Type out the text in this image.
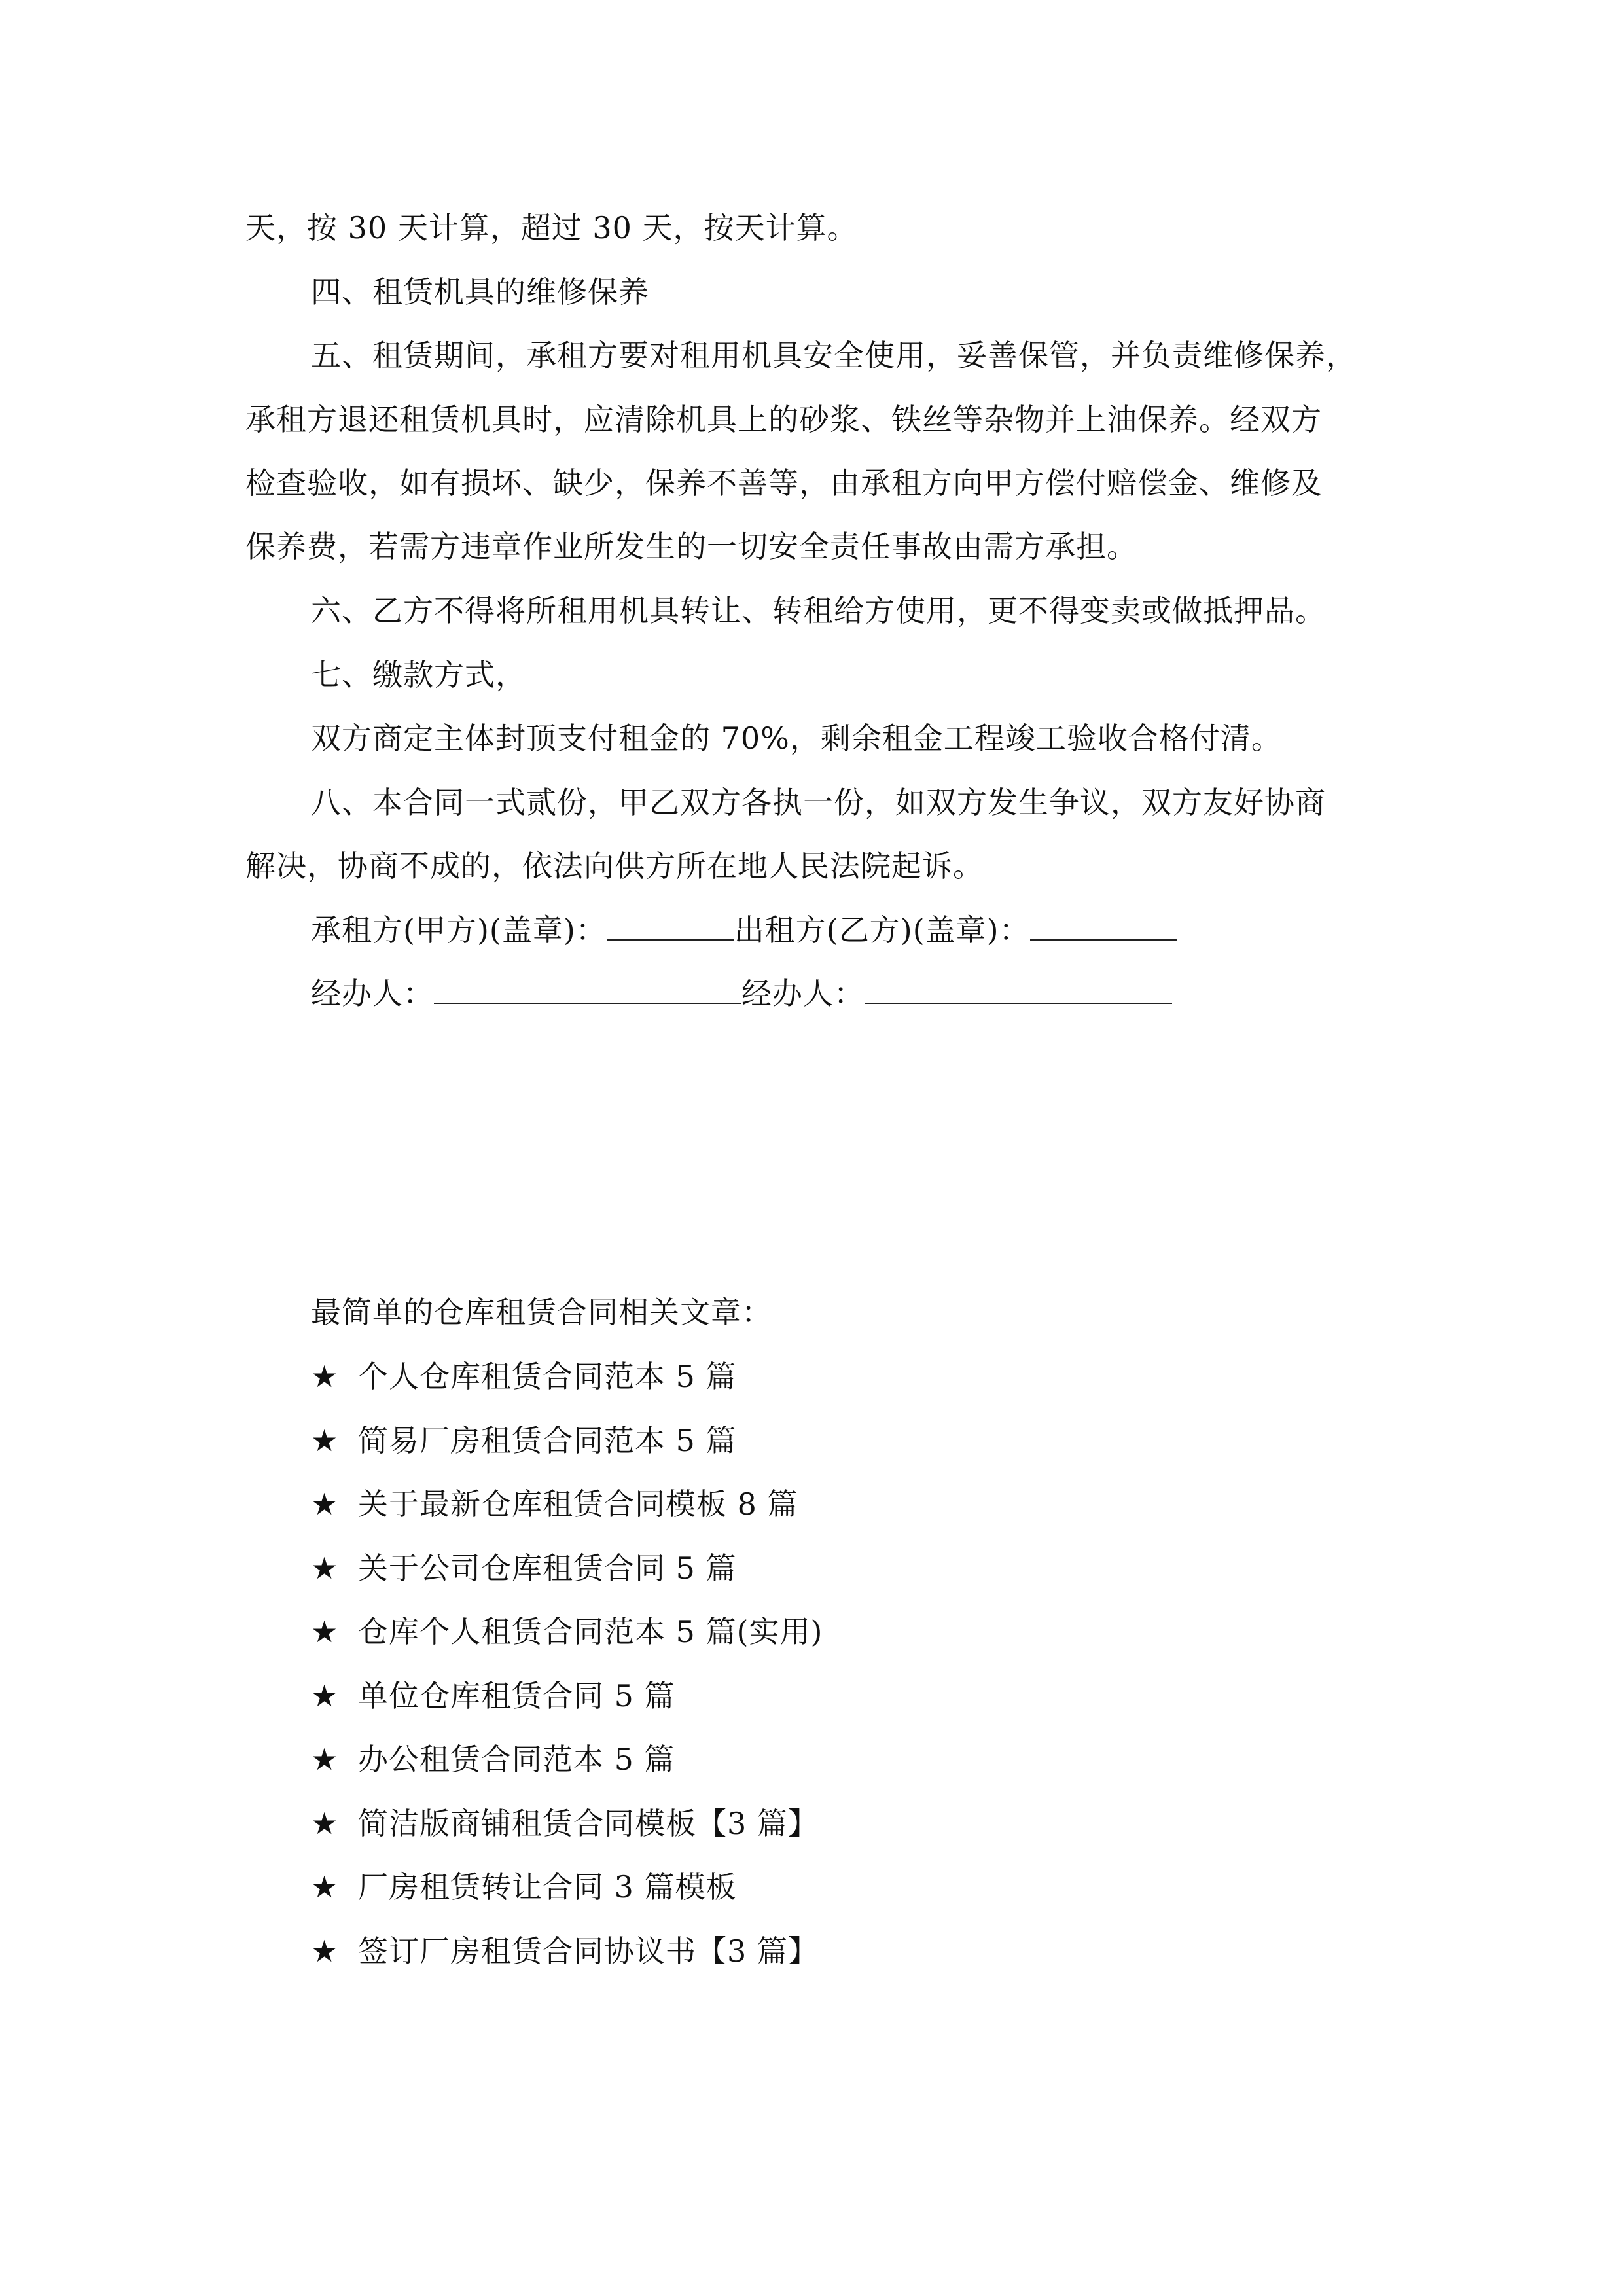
天，按 30 天计算，超过 30 天，按天计算。
四、租赁机具的维修保养
五、租赁期间，承租方要对租用机具安全使用，妥善保管，并负责维修保养，
承租方退还租赁机具时，应清除机具上的砂浆、铁丝等杂物并上油保养。经双方
检查验收，如有损坏、缺少，保养不善等，由承租方向甲方偿付赔偿金、维修及
保养费，若需方违章作业所发生的一切安全责任事故由需方承担。
六、乙方不得将所租用机具转让、转租给方使用，更不得变卖或做抵押品。
七、缴款方式，
双方商定主体封顶支付租金的 70%，剩余租金工程竣工验收合格付清。
八、本合同一式贰份，甲乙双方各执一份，如双方发生争议，双方友好协商
解决，协商不成的，依法向供方所在地人民法院起诉。
承租方(甲方)(盖章)：	出租方(乙方)(盖章)：
经办人：	经办人：
最简单的仓库租赁合同相关文章：
★ 个人仓库租赁合同范本 5 篇
★ 简易厂房租赁合同范本 5 篇
★ 关于最新仓库租赁合同模板 8 篇
★ 关于公司仓库租赁合同 5 篇
★ 仓库个人租赁合同范本 5 篇(实用)
★ 单位仓库租赁合同 5 篇
★ 办公租赁合同范本 5 篇
★ 简洁版商铺租赁合同模板【3 篇】
★ 厂房租赁转让合同 3 篇模板
★ 签订厂房租赁合同协议书【3 篇】
